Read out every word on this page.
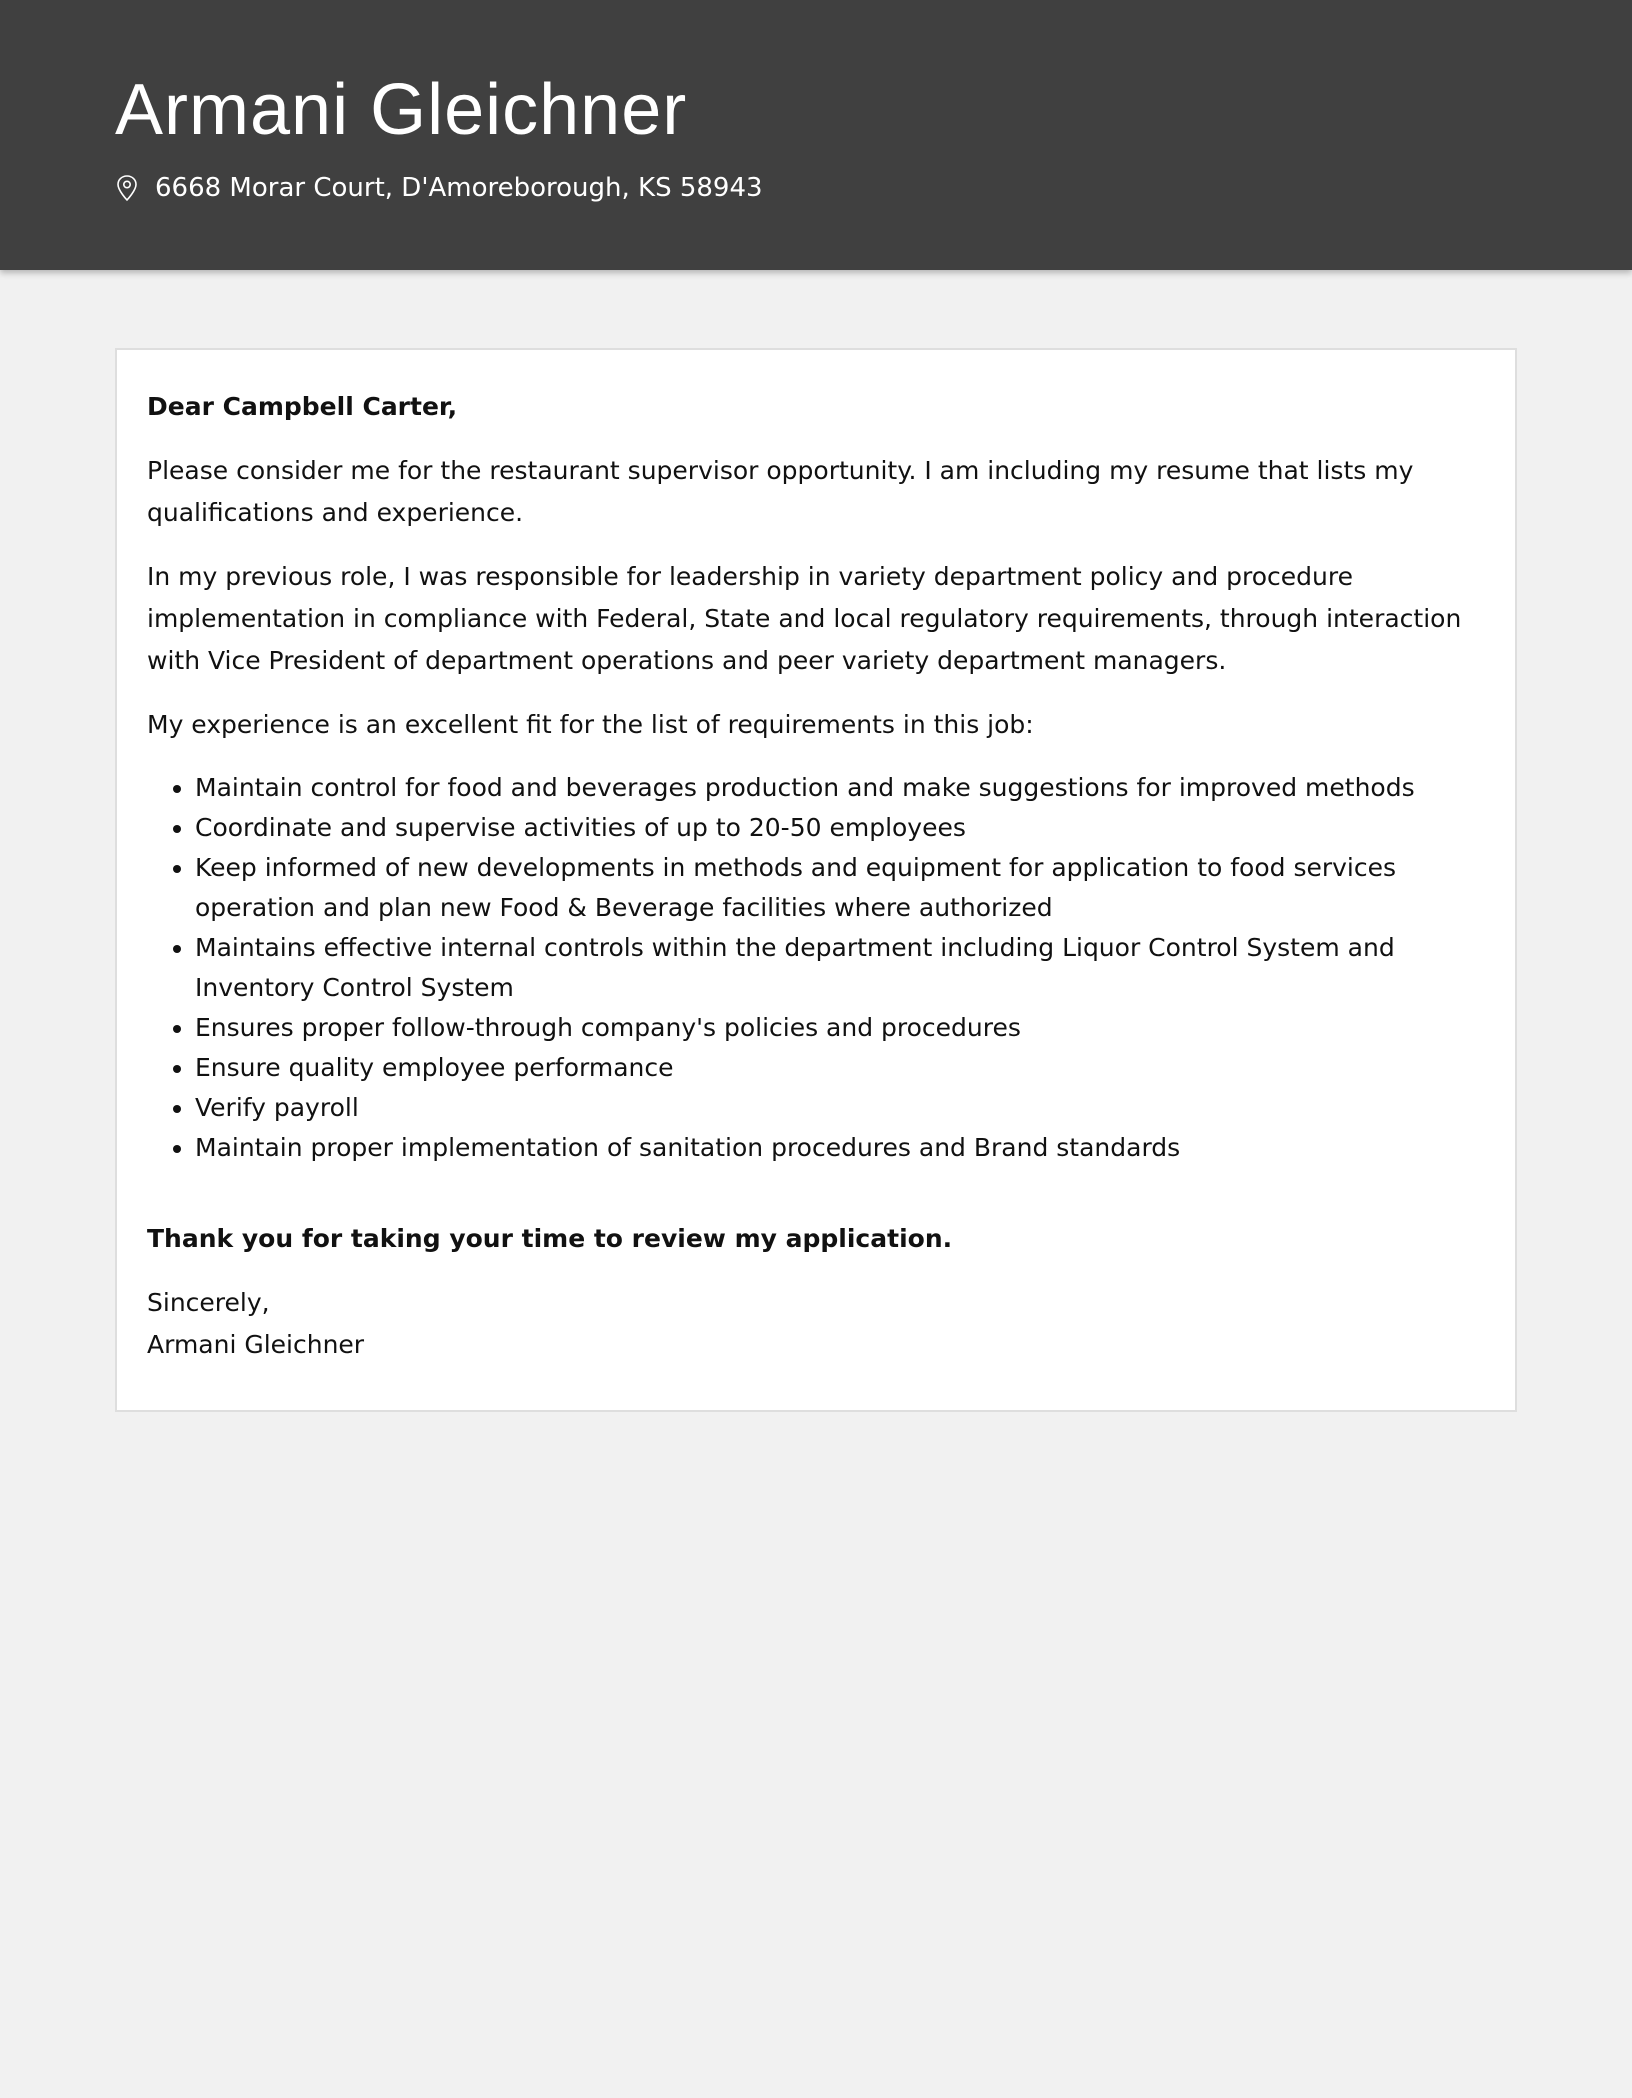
Armani Gleichner
6668 Morar Court, D'Amoreborough, KS 58943

Dear Campbell Carter,

Please consider me for the restaurant supervisor opportunity. I am including my resume that lists my qualifications and experience.

In my previous role, I was responsible for leadership in variety department policy and procedure implementation in compliance with Federal, State and local regulatory requirements, through interaction with Vice President of department operations and peer variety department managers.

My experience is an excellent fit for the list of requirements in this job:

• Maintain control for food and beverages production and make suggestions for improved methods
• Coordinate and supervise activities of up to 20-50 employees
• Keep informed of new developments in methods and equipment for application to food services operation and plan new Food & Beverage facilities where authorized
• Maintains effective internal controls within the department including Liquor Control System and Inventory Control System
• Ensures proper follow-through company's policies and procedures
• Ensure quality employee performance
• Verify payroll
• Maintain proper implementation of sanitation procedures and Brand standards

Thank you for taking your time to review my application.

Sincerely,
Armani Gleichner
